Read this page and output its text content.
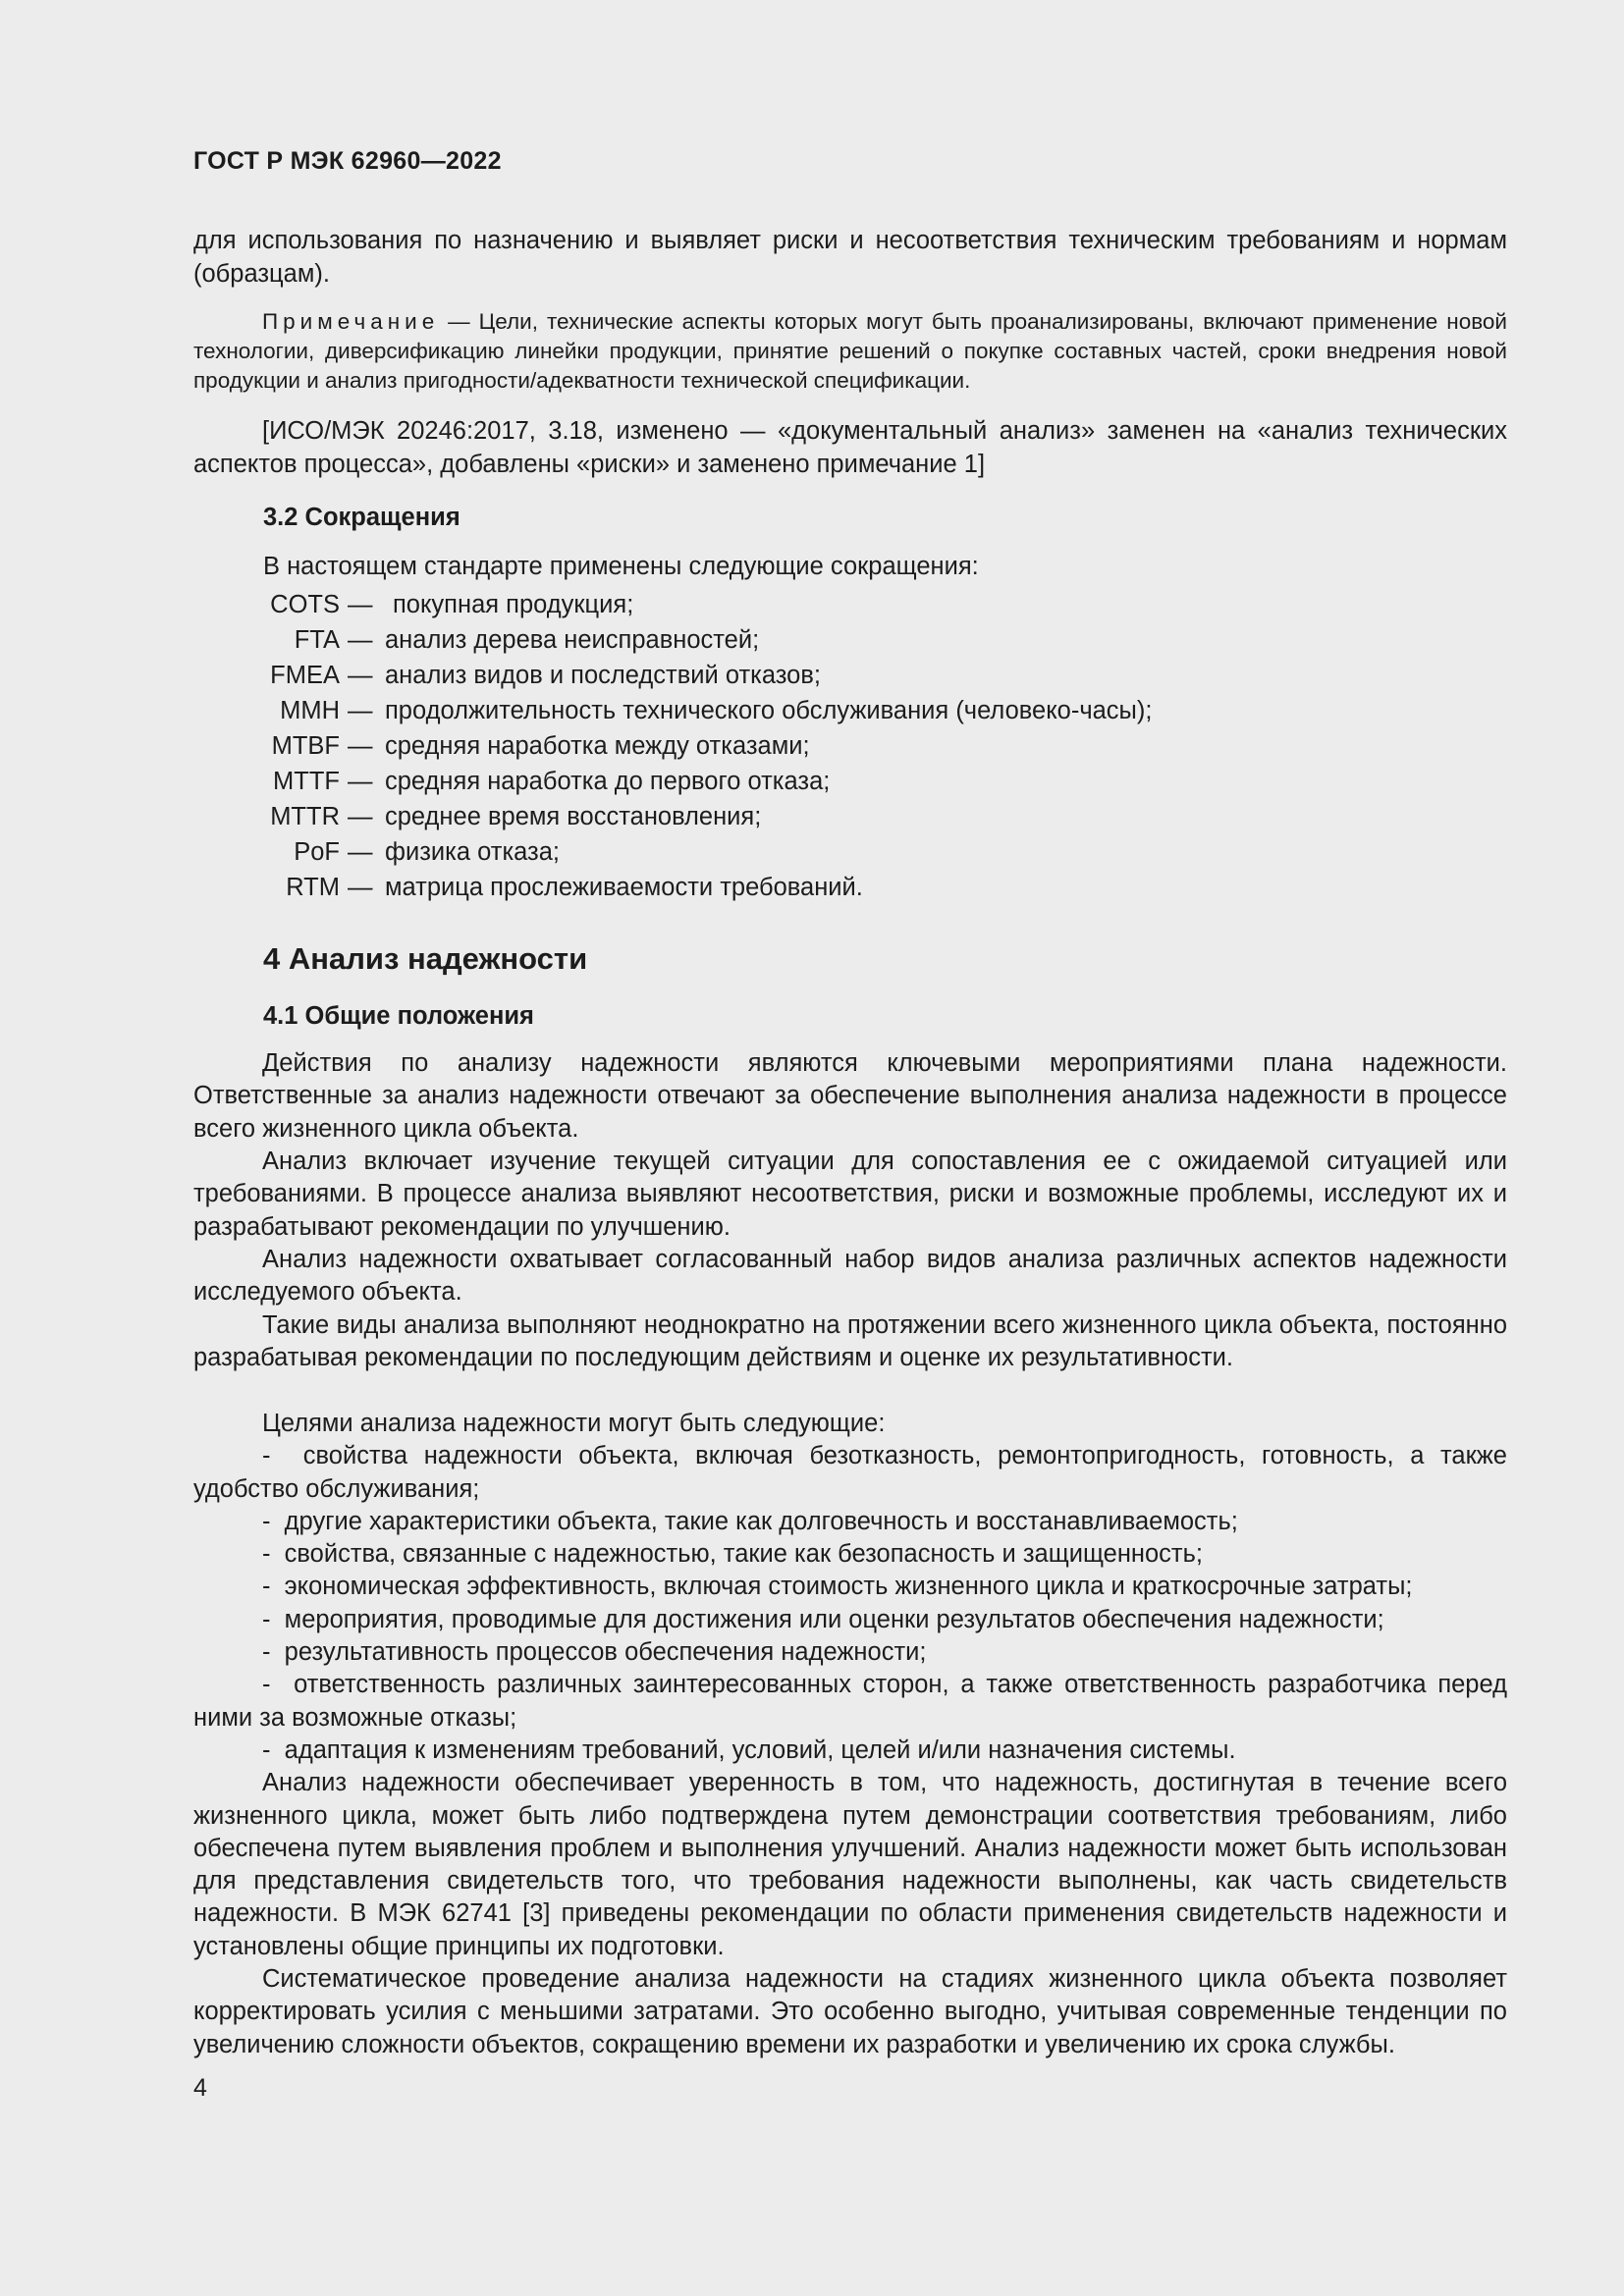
ГОСТ Р МЭК 62960—2022

для использования по назначению и выявляет риски и несоответствия техническим требованиям и нормам (образцам).

Примечание — Цели, технические аспекты которых могут быть проанализированы, включают применение новой технологии, диверсификацию линейки продукции, принятие решений о покупке составных частей, сроки внедрения новой продукции и анализ пригодности/адекватности технической спецификации.

[ИСО/МЭК 20246:2017, 3.18, изменено — «документальный анализ» заменен на «анализ технических аспектов процесса», добавлены «риски» и заменено примечание 1]

3.2 Сокращения

В настоящем стандарте применены следующие сокращения:

COTS — покупная продукция;
FTA — анализ дерева неисправностей;
FMEA — анализ видов и последствий отказов;
MMH — продолжительность технического обслуживания (человеко-часы);
MTBF — средняя наработка между отказами;
MTTF — средняя наработка до первого отказа;
MTTR — среднее время восстановления;
PoF — физика отказа;
RTM — матрица прослеживаемости требований.
4 Анализ надежности
4.1 Общие положения

Действия по анализу надежности являются ключевыми мероприятиями плана надежности. Ответственные за анализ надежности отвечают за обеспечение выполнения анализа надежности в процессе всего жизненного цикла объекта.

Анализ включает изучение текущей ситуации для сопоставления ее с ожидаемой ситуацией или требованиями. В процессе анализа выявляют несоответствия, риски и возможные проблемы, исследуют их и разрабатывают рекомендации по улучшению.

Анализ надежности охватывает согласованный набор видов анализа различных аспектов надежности исследуемого объекта.

Такие виды анализа выполняют неоднократно на протяжении всего жизненного цикла объекта, постоянно разрабатывая рекомендации по последующим действиям и оценке их результативности.

Целями анализа надежности могут быть следующие:
- свойства надежности объекта, включая безотказность, ремонтопригодность, готовность, а также удобство обслуживания;
- другие характеристики объекта, такие как долговечность и восстанавливаемость;
- свойства, связанные с надежностью, такие как безопасность и защищенность;
- экономическая эффективность, включая стоимость жизненного цикла и краткосрочные затраты;
- мероприятия, проводимые для достижения или оценки результатов обеспечения надежности;
- результативность процессов обеспечения надежности;
- ответственность различных заинтересованных сторон, а также ответственность разработчика перед ними за возможные отказы;
- адаптация к изменениям требований, условий, целей и/или назначения системы.
Анализ надежности обеспечивает уверенность в том, что надежность, достигнутая в течение всего жизненного цикла, может быть либо подтверждена путем демонстрации соответствия требованиям, либо обеспечена путем выявления проблем и выполнения улучшений. Анализ надежности может быть использован для представления свидетельств того, что требования надежности выполнены, как часть свидетельств надежности. В МЭК 62741 [3] приведены рекомендации по области применения свидетельств надежности и установлены общие принципы их подготовки.
Систематическое проведение анализа надежности на стадиях жизненного цикла объекта позволяет корректировать усилия с меньшими затратами. Это особенно выгодно, учитывая современные тенденции по увеличению сложности объектов, сокращению времени их разработки и увеличению их срока службы.
4
